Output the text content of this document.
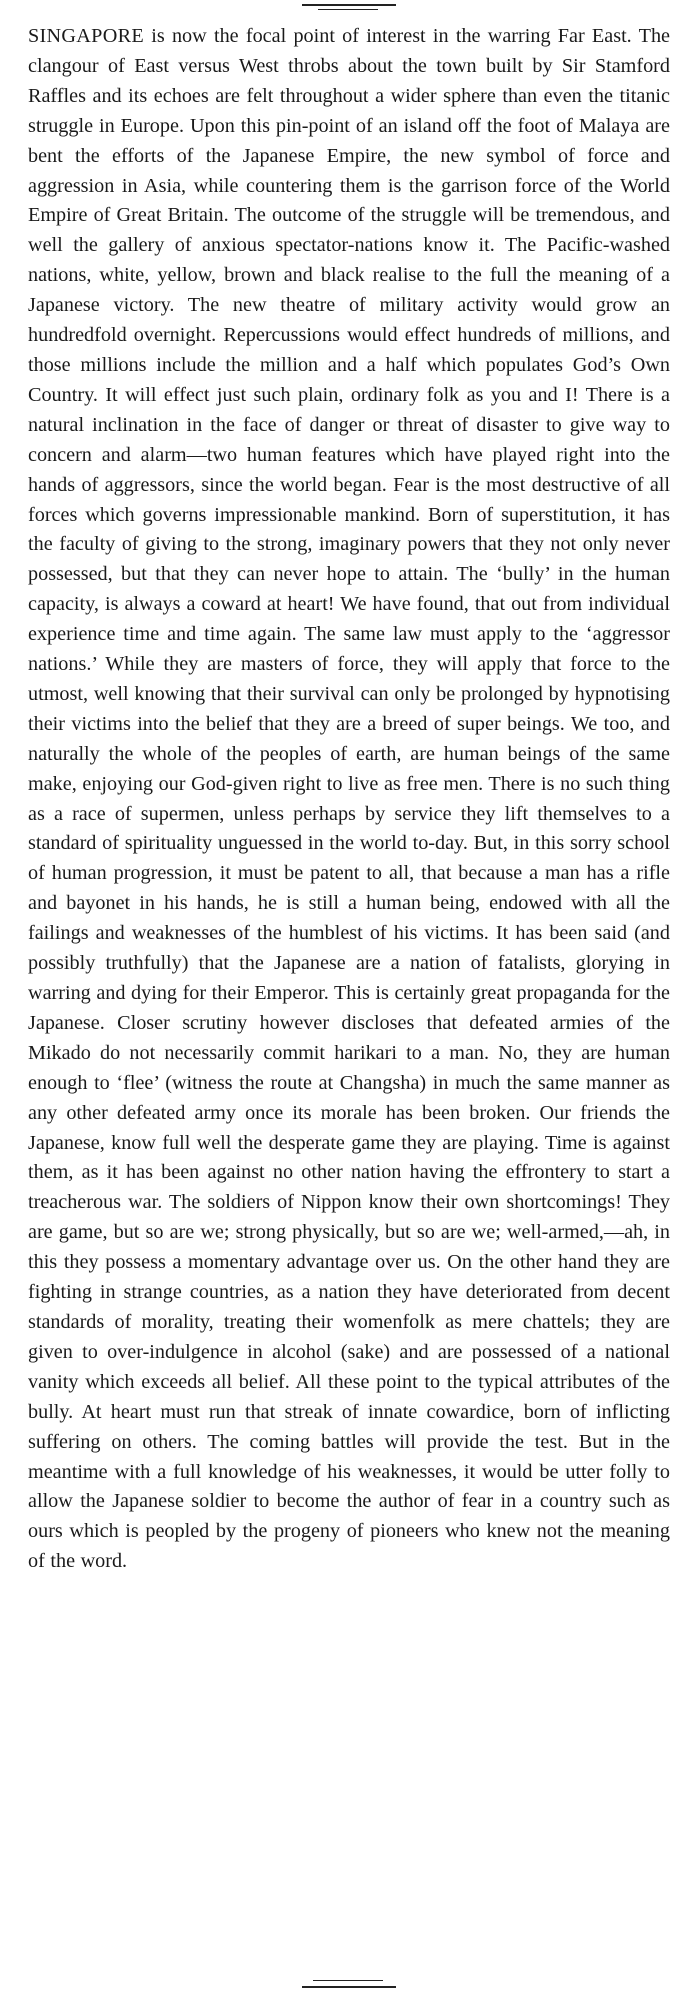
SINGAPORE is now the focal point of interest in the warring Far East. The clangour of East versus West throbs about the town built by Sir Stamford Raffles and its echoes are felt throughout a wider sphere than even the titanic struggle in Europe. Upon this pin-point of an island off the foot of Malaya are bent the efforts of the Japanese Empire, the new symbol of force and aggression in Asia, while countering them is the garrison force of the World Empire of Great Britain. The outcome of the struggle will be tremendous, and well the gallery of anxious spectator-nations know it. The Pacific-washed nations, white, yellow, brown and black realise to the full the meaning of a Japanese victory. The new theatre of military activity would grow an hundredfold overnight. Repercussions would effect hundreds of millions, and those millions include the million and a half which populates God’s Own Country. It will effect just such plain, ordinary folk as you and I! There is a natural inclination in the face of danger or threat of disaster to give way to concern and alarm—two human features which have played right into the hands of aggressors, since the world began. Fear is the most destructive of all forces which governs impressionable mankind. Born of superstitution, it has the faculty of giving to the strong, imaginary powers that they not only never possessed, but that they can never hope to attain. The ‘bully’ in the human capacity, is always a coward at heart! We have found, that out from individual experience time and time again. The same law must apply to the ‘aggressor nations.’ While they are masters of force, they will apply that force to the utmost, well knowing that their survival can only be prolonged by hypnotising their victims into the belief that they are a breed of super beings. We too, and naturally the whole of the peoples of earth, are human beings of the same make, enjoying our God-given right to live as free men. There is no such thing as a race of supermen, unless perhaps by service they lift themselves to a standard of spirituality unguessed in the world to-day. But, in this sorry school of human progression, it must be patent to all, that because a man has a rifle and bayonet in his hands, he is still a human being, endowed with all the failings and weaknesses of the humblest of his victims. It has been said (and possibly truthfully) that the Japanese are a nation of fatalists, glorying in warring and dying for their Emperor. This is certainly great propaganda for the Japanese. Closer scrutiny however discloses that defeated armies of the Mikado do not necessarily commit harikari to a man. No, they are human enough to ‘flee’ (witness the route at Changsha) in much the same manner as any other defeated army once its morale has been broken. Our friends the Japanese, know full well the desperate game they are playing. Time is against them, as it has been against no other nation having the effrontery to start a treacherous war. The soldiers of Nippon know their own shortcomings! They are game, but so are we; strong physically, but so are we; well-armed,—ah, in this they possess a momentary advantage over us. On the other hand they are fighting in strange countries, as a nation they have deteriorated from decent standards of morality, treating their womenfolk as mere chattels; they are given to over-indulgence in alcohol (sake) and are possessed of a national vanity which exceeds all belief. All these point to the typical attributes of the bully. At heart must run that streak of innate cowardice, born of inflicting suffering on others. The coming battles will provide the test. But in the meantime with a full knowledge of his weaknesses, it would be utter folly to allow the Japanese soldier to become the author of fear in a country such as ours which is peopled by the progeny of pioneers who knew not the meaning of the word.
